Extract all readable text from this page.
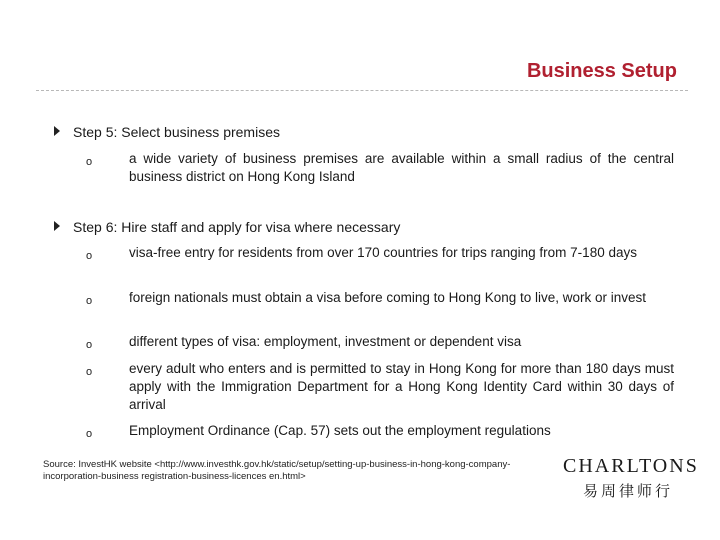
Business Setup
Step 5: Select business premises
o	a wide variety of business premises are available within a small radius of the central business district on Hong Kong Island
Step 6: Hire staff and apply for visa where necessary
o	visa-free entry for residents from over 170 countries for trips ranging from 7-180 days
o	foreign nationals must obtain a visa before coming to Hong Kong to live, work or invest
o	different types of visa: employment, investment or dependent visa
o	every adult who enters and is permitted to stay in Hong Kong for more than 180 days must apply with the Immigration Department for a Hong Kong Identity Card within 30 days of arrival
o	Employment Ordinance (Cap. 57) sets out the employment regulations
Source: InvestHK website <http://www.investhk.gov.hk/static/setup/setting-up-business-in-hong-kong-company-incorporation-business registration-business-licences en.html>	CHARLTONS
易周律师行
